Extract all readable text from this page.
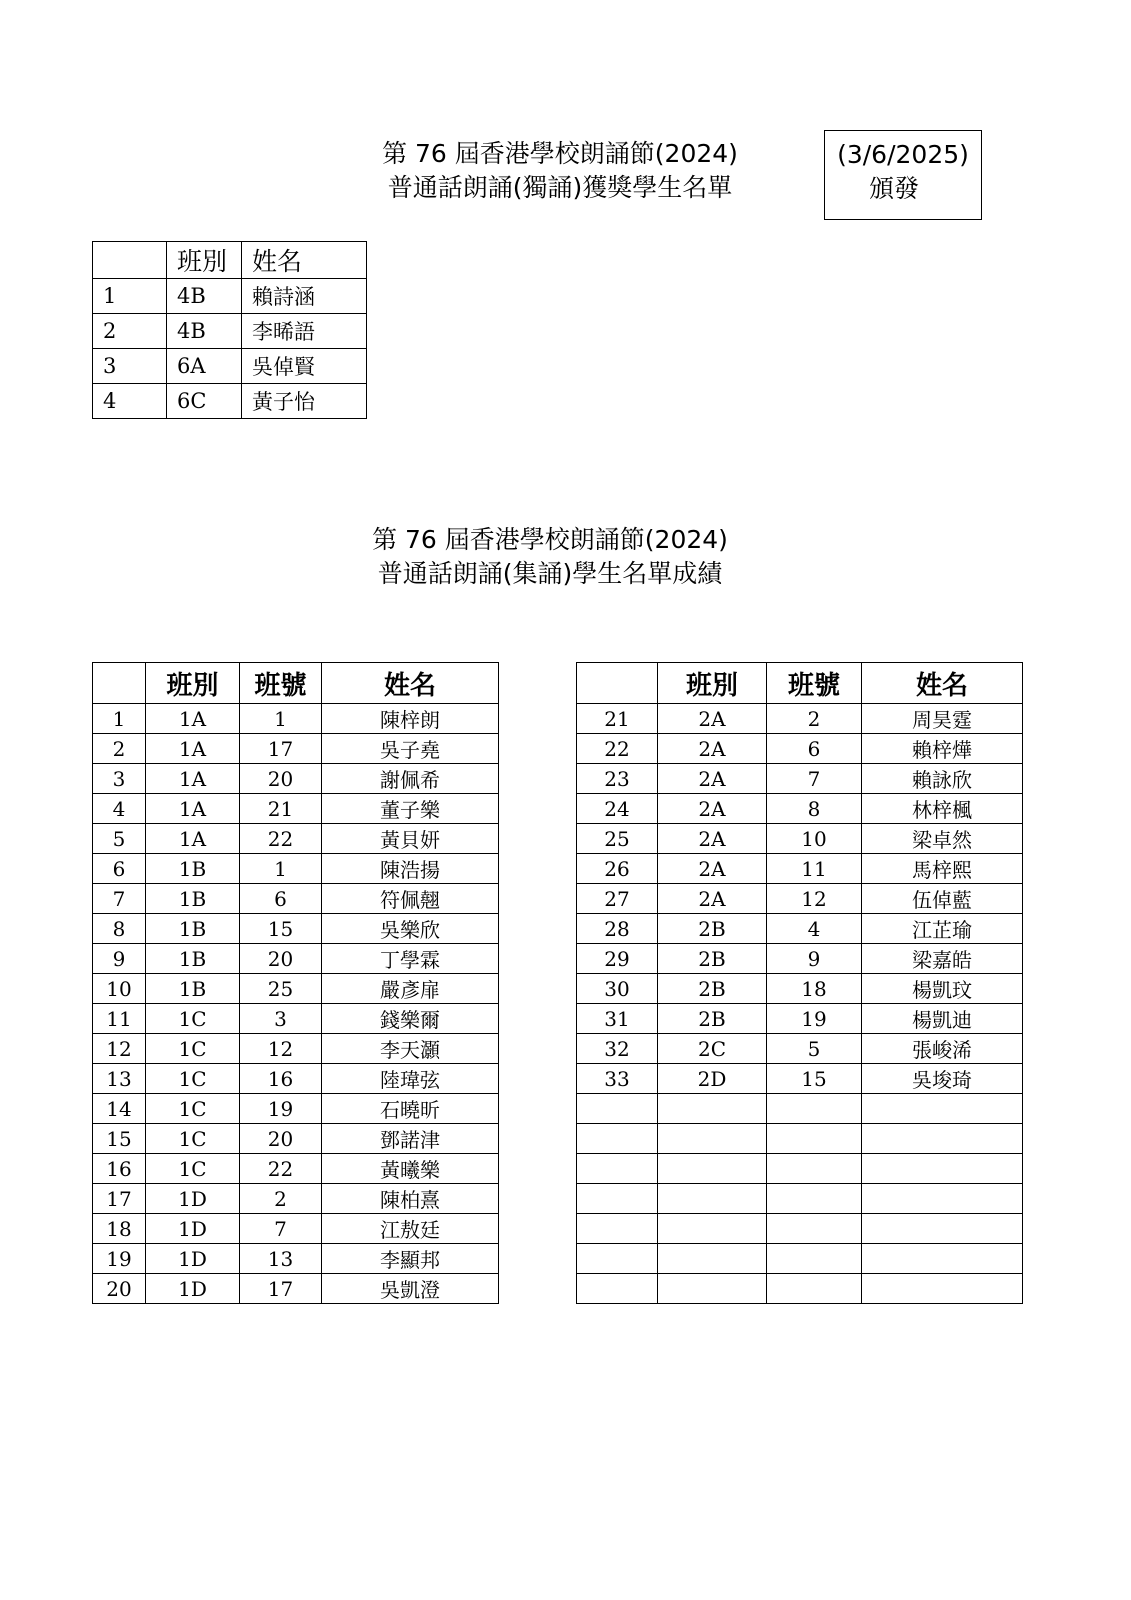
第 76 屆香港學校朗誦節(2024)
普通話朗誦(獨誦)獲獎學生名單
(3/6/2025)
頒發
	班別	姓名
1	4B	賴詩涵
2	4B	李晞語
3	6A	吳倬賢
4	6C	黃子怡
第 76 屆香港學校朗誦節(2024)
普通話朗誦(集誦)學生名單成績
	班別	班號	姓名
1	1A	1	陳梓朗
2	1A	17	吳子堯
3	1A	20	謝佩希
4	1A	21	董子樂
5	1A	22	黃貝妍
6	1B	1	陳浩揚
7	1B	6	符佩翹
8	1B	15	吳樂欣
9	1B	20	丁學霖
10	1B	25	嚴彥扉
11	1C	3	錢樂爾
12	1C	12	李天灝
13	1C	16	陸瑋弦
14	1C	19	石曉昕
15	1C	20	鄧諾津
16	1C	22	黃曦樂
17	1D	2	陳柏熹
18	1D	7	江敖廷
19	1D	13	李顯邦
20	1D	17	吳凱澄
	班別	班號	姓名
21	2A	2	周昊霆
22	2A	6	賴梓燁
23	2A	7	賴詠欣
24	2A	8	林梓楓
25	2A	10	梁卓然
26	2A	11	馬梓熙
27	2A	12	伍倬藍
28	2B	4	江芷瑜
29	2B	9	梁嘉皓
30	2B	18	楊凱玟
31	2B	19	楊凱迪
32	2C	5	張峻浠
33	2D	15	吳埈琦
